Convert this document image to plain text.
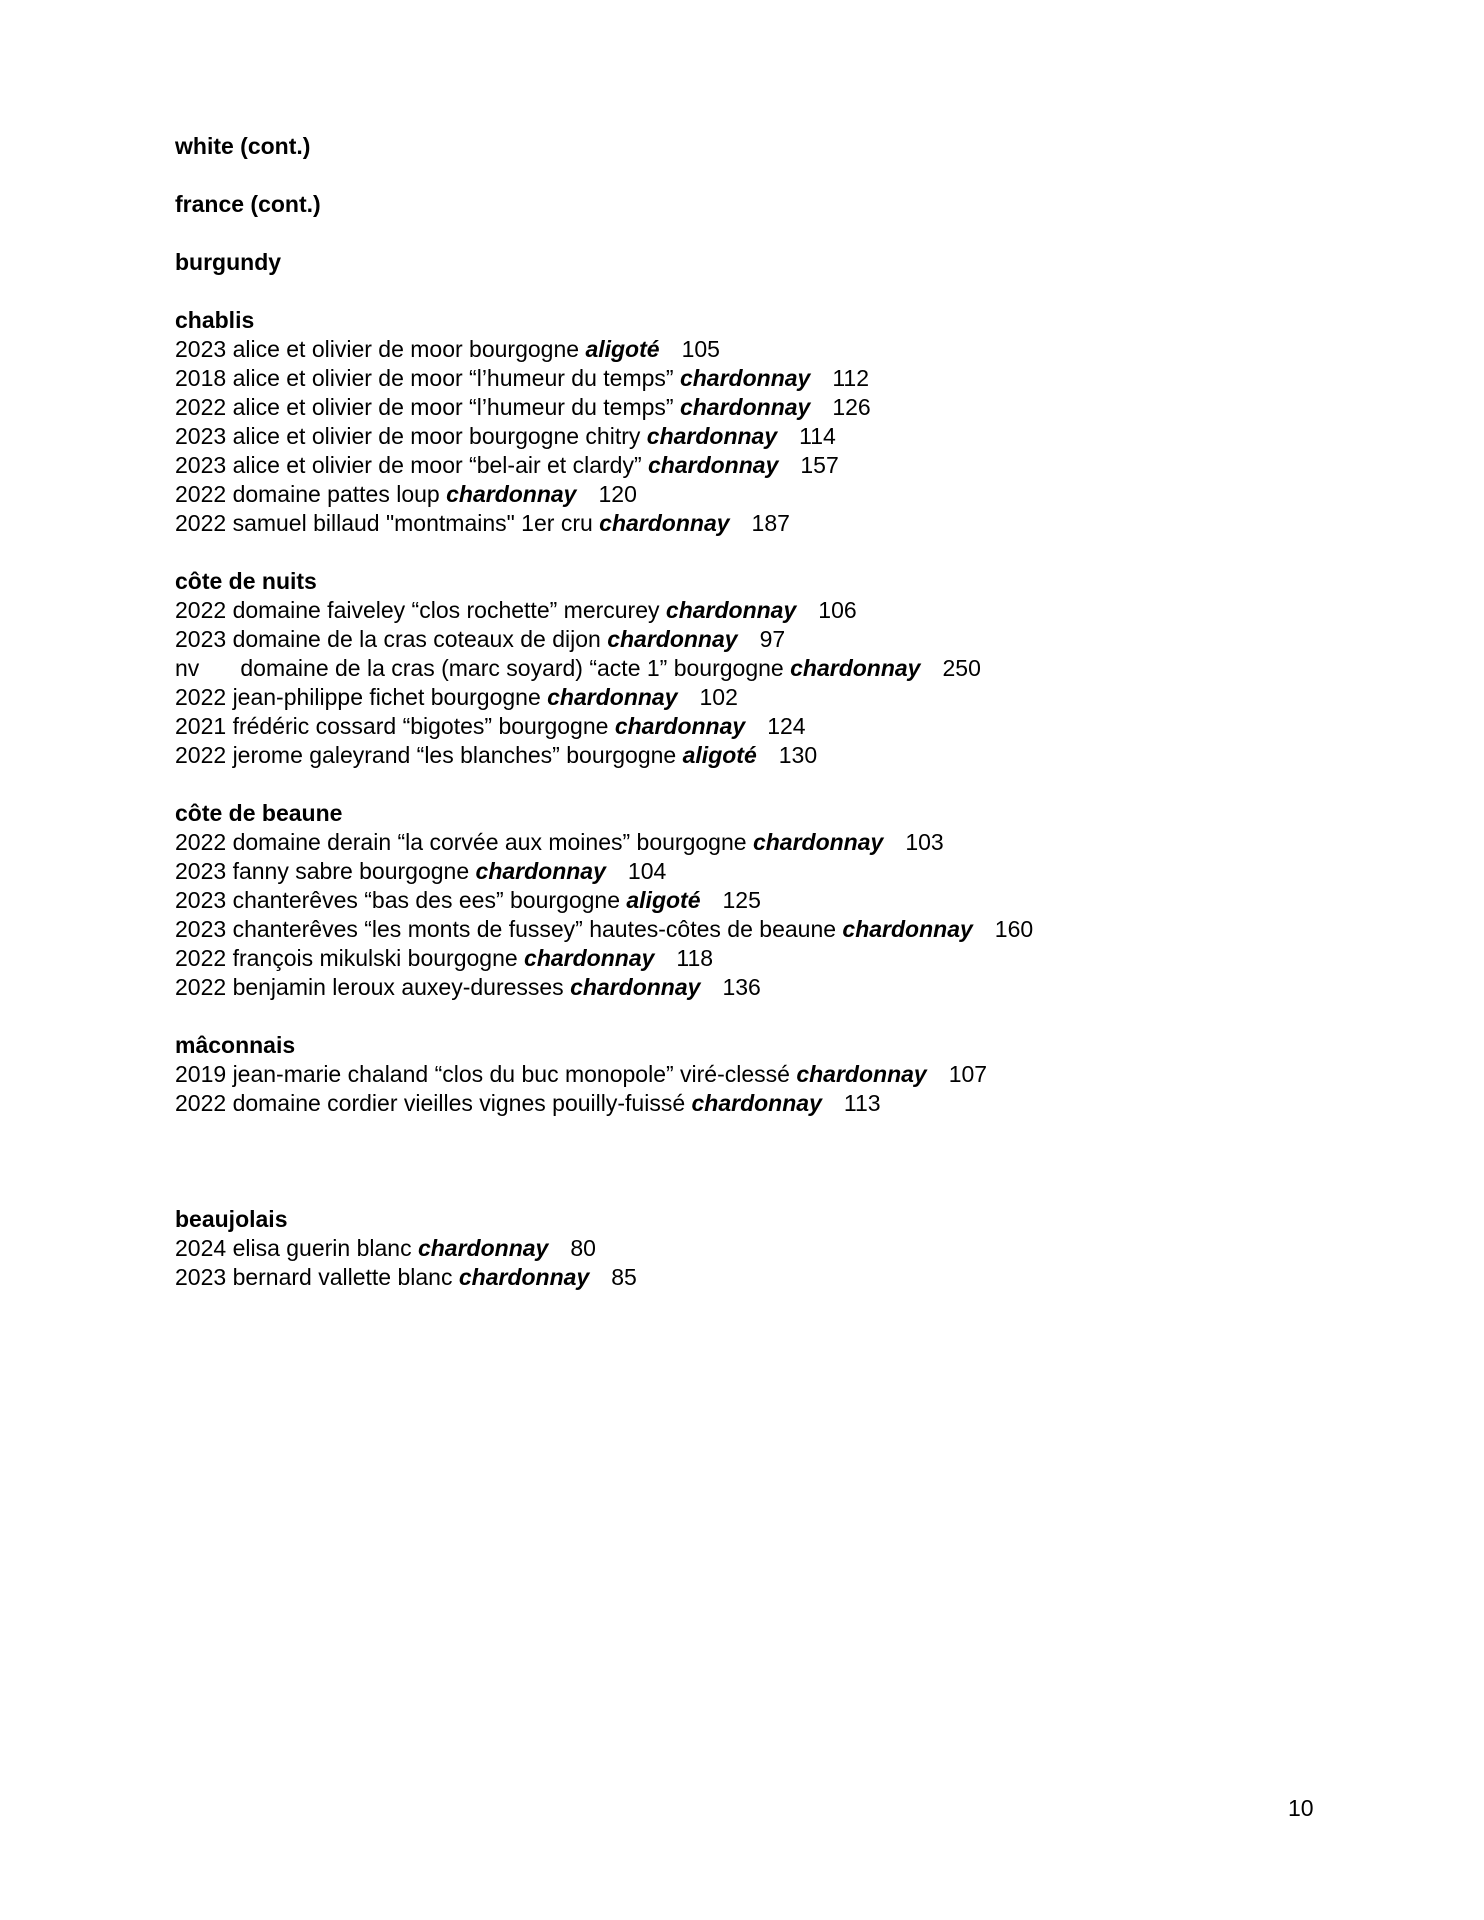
white (cont.)

france (cont.)

burgundy

chablis

2023 alice et olivier de moor bourgogne aligoté 105

2018 alice et olivier de moor “l’humeur du temps” chardonnay 112

2022 alice et olivier de moor “l’humeur du temps” chardonnay 126

2023 alice et olivier de moor bourgogne chitry chardonnay 114

2023 alice et olivier de moor “bel-air et clardy” chardonnay 157

2022 domaine pattes loup chardonnay 120

2022 samuel billaud "montmains" 1er cru chardonnay 187

côte de nuits

2022 domaine faiveley “clos rochette” mercurey chardonnay 106

2023 domaine de la cras coteaux de dijon chardonnay 97

nv domaine de la cras (marc soyard) “acte 1” bourgogne chardonnay 250

2022 jean-philippe fichet bourgogne chardonnay 102

2021 frédéric cossard “bigotes” bourgogne chardonnay 124

2022 jerome galeyrand “les blanches” bourgogne aligoté 130

côte de beaune

2022 domaine derain “la corvée aux moines” bourgogne chardonnay 103

2023 fanny sabre bourgogne chardonnay 104

2023 chanterêves “bas des ees” bourgogne aligoté 125

2023 chanterêves “les monts de fussey” hautes-côtes de beaune chardonnay 160

2022 françois mikulski bourgogne chardonnay 118

2022 benjamin leroux auxey-duresses chardonnay 136

mâconnais

2019 jean-marie chaland “clos du buc monopole” viré-clessé chardonnay 107

2022 domaine cordier vieilles vignes pouilly-fuissé chardonnay 113

beaujolais

2024 elisa guerin blanc chardonnay 80

2023 bernard vallette blanc chardonnay 85

10
